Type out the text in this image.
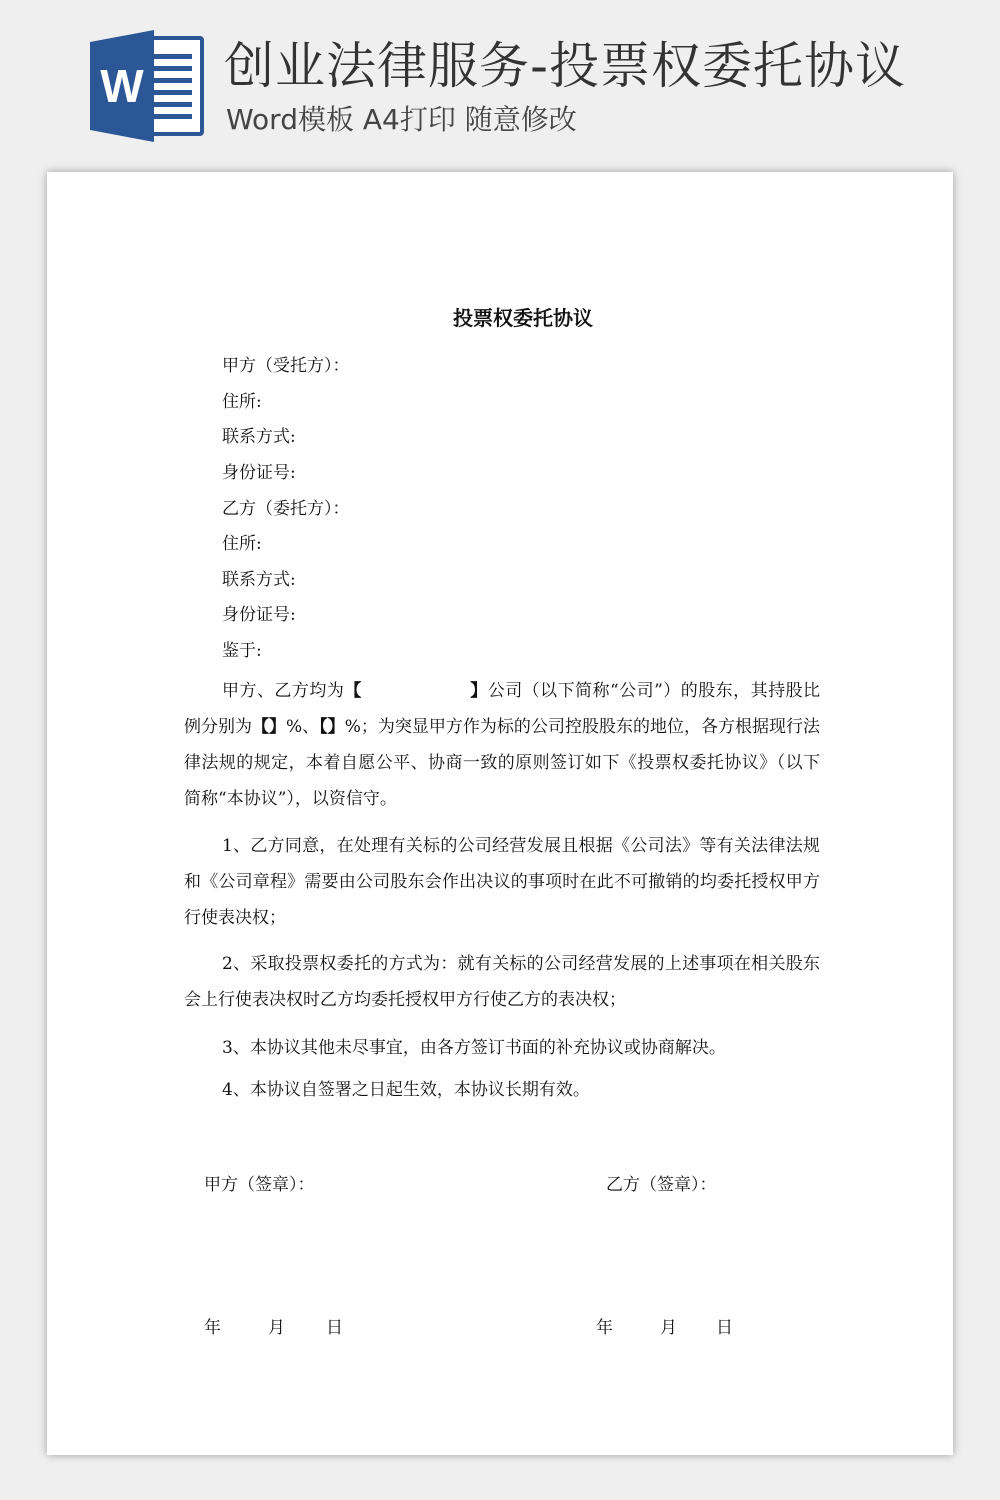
W 创业法律服务-投票权委托协议
Word模板 A4打印 随意修改
投票权委托协议
甲方（受托方）：
住所:
联系方式:
身份证号:
乙方（委托方）：
住所:
联系方式:
身份证号:
鉴于:

甲方、乙方均为【	】公司（以下简称“公司”）的股东，其持股比例分别为【】%、【】%；为突显甲方作为标的公司控股股东的地位，各方根据现行法律法规的规定，本着自愿公平、协商一致的原则签订如下《投票权委托协议》（以下简称“本协议”），以资信守。

1、乙方同意，在处理有关标的公司经营发展且根据《公司法》等有关法律法规和《公司章程》需要由公司股东会作出决议的事项时在此不可撤销的均委托授权甲方行使表决权；

2、采取投票权委托的方式为：就有关标的公司经营发展的上述事项在相关股东会上行使表决权时乙方均委托授权甲方行使乙方的表决权；

3、本协议其他未尽事宜，由各方签订书面的补充协议或协商解决。

4、本协议自签署之日起生效，本协议长期有效。

甲方（签章）：	乙方（签章）：
年	月 日	年	月 日
